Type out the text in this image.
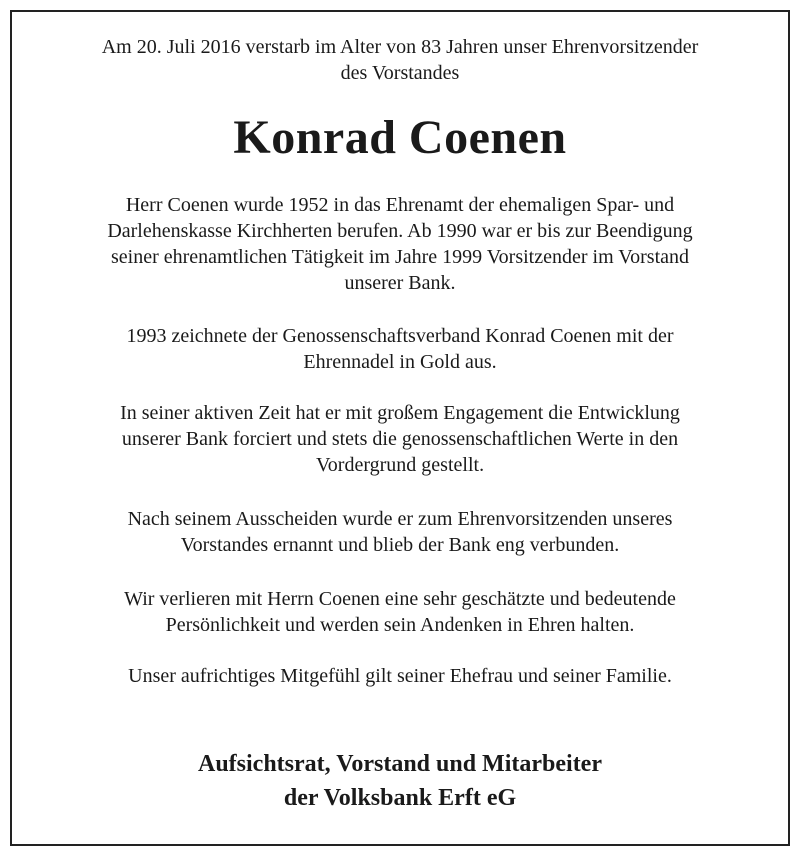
Am 20. Juli 2016 verstarb im Alter von 83 Jahren unser Ehrenvorsitzender
des Vorstandes
Konrad Coenen
Herr Coenen wurde 1952 in das Ehrenamt der ehemaligen Spar- und
Darlehenskasse Kirchherten berufen. Ab 1990 war er bis zur Beendigung
seiner ehrenamtlichen Tätigkeit im Jahre 1999 Vorsitzender im Vorstand
unserer Bank.
1993 zeichnete der Genossenschaftsverband Konrad Coenen mit der
Ehrennadel in Gold aus.
In seiner aktiven Zeit hat er mit großem Engagement die Entwicklung
unserer Bank forciert und stets die genossenschaftlichen Werte in den
Vordergrund gestellt.
Nach seinem Ausscheiden wurde er zum Ehrenvorsitzenden unseres
Vorstandes ernannt und blieb der Bank eng verbunden.
Wir verlieren mit Herrn Coenen eine sehr geschätzte und bedeutende
Persönlichkeit und werden sein Andenken in Ehren halten.
Unser aufrichtiges Mitgefühl gilt seiner Ehefrau und seiner Familie.
Aufsichtsrat, Vorstand und Mitarbeiter
der Volksbank Erft eG
